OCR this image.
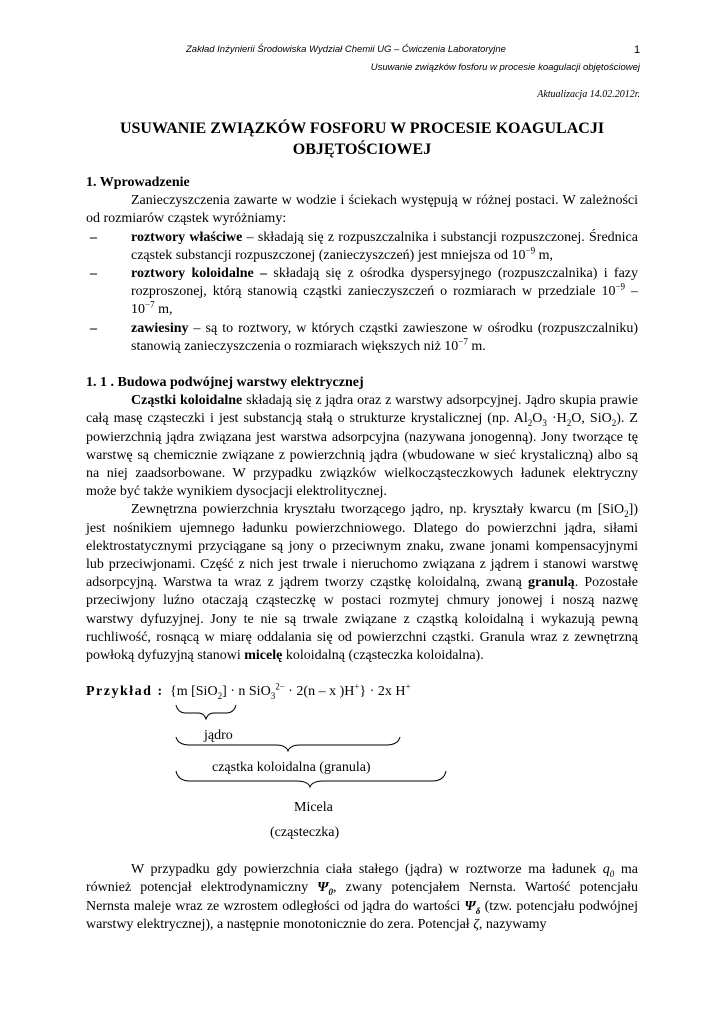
Zakład Inżynierii Środowiska Wydział Chemii UG – Ćwiczenia Laboratoryjne	1
Usuwanie związków fosforu w procesie koagulacji objętościowej
Aktualizacja 14.02.2012r.
USUWANIE ZWIĄZKÓW FOSFORU W PROCESIE KOAGULACJI
OBJĘTOŚCIOWEJ
1. Wprowadzenie

Zanieczyszczenia zawarte w wodzie i ściekach występują w różnej postaci. W zależności od rozmiarów cząstek wyróżniamy:

–	roztwory właściwe – składają się z rozpuszczalnika i substancji rozpuszczonej. Średnica cząstek substancji rozpuszczonej (zanieczyszczeń) jest mniejsza od $10^{-9}$ m,
–	roztwory koloidalne – składają się z ośrodka dyspersyjnego (rozpuszczalnika) i fazy rozproszonej, którą stanowią cząstki zanieczyszczeń o rozmiarach w przedziale $10^{-9} - 10^{-7}$ m,
–	zawiesiny – są to roztwory, w których cząstki zawieszone w ośrodku (rozpuszczalniku) stanowią zanieczyszczenia o rozmiarach większych niż $10^{-7}$ m.
1. 1 . Budowa podwójnej warstwy elektrycznej

Cząstki koloidalne składają się z jądra oraz z warstwy adsorpcyjnej. Jądro skupia prawie całą masę cząsteczki i jest substancją stałą o strukturze krystalicznej (np. $Al_2O_3 \cdot H_2O$, SiO$_2$). Z powierzchnią jądra związana jest warstwa adsorpcyjna (nazywana jonogenną). Jony tworzące tę warstwę są chemicznie związane z powierzchnią jądra (wbudowane w sieć krystaliczną) albo są na niej zaadsorbowane. W przypadku związków wielkocząsteczkowych ładunek elektryczny może być także wynikiem dysocjacji elektrolitycznej.

Zewnętrzna powierzchnia kryształu tworzącego jądro, np. kryształy kwarcu (m [SiO$_2$]) jest nośnikiem ujemnego ładunku powierzchniowego. Dlatego do powierzchni jądra, siłami elektrostatycznymi przyciągane są jony o przeciwnym znaku, zwane jonami kompensacyjnymi lub przeciwjonami. Część z nich jest trwale i nieruchomo związana z jądrem i stanowi warstwę adsorpcyjną. Warstwa ta wraz z jądrem tworzy cząstkę koloidalną, zwaną granulą. Pozostałe przeciwjony luźno otaczają cząsteczkę w postaci rozmytej chmury jonowej i noszą nazwę warstwy dyfuzyjnej. Jony te nie są trwale związane z cząstką koloidalną i wykazują pewną ruchliwość, rosnącą w miarę oddalania się od powierzchni cząstki. Granula wraz z zewnętrzną powłoką dyfuzyjną stanowi micelę koloidalną (cząsteczka koloidalna).

Przykład : {m [SiO$_2$] · n SiO$_3^{2-}$ · 2(n – x )H+} · 2x H+
jądro
cząstka koloidalna (granula)
Micela
(cząsteczka)

W przypadku gdy powierzchnia ciała stałego (jądra) w roztworze ma ładunek $q_0$ ma również potencjał elektrodynamiczny $\Psi_0$, zwany potencjałem Nernsta. Wartość potencjału Nernsta maleje wraz ze wzrostem odległości od jądra do wartości $\Psi_\delta$ (tzw. potencjału podwójnej warstwy elektrycznej), a następnie monotonicznie do zera. Potencjał ζ, nazywamy
